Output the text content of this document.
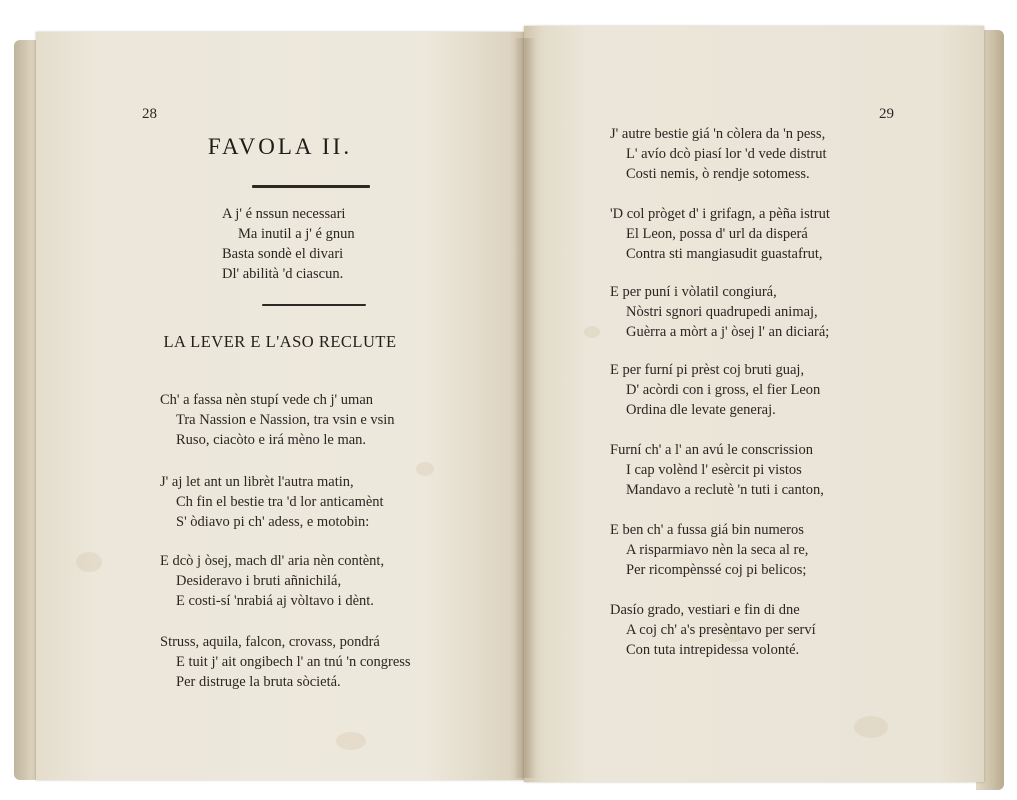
28
FAVOLA II.

A j' é nssun necessari
Ma inutil a j' é gnun
Basta sondè el divari
Dl' abilità 'd ciascun.

LA LEVER E L'ASO RECLUTE

Ch' a fassa nèn stupí vede ch j' uman
Tra Nassion e Nassion, tra vsin e vsin
Ruso, ciacòto e irá mèno le man.

J' aj let ant un librèt l'autra matin,
Ch fin el bestie tra 'd lor anticamènt
S' òdiavo pi ch' adess, e motobin:

E dcò j òsej, mach dl' aria nèn contènt,
Desideravo i bruti añnichilá,
E costi-sí 'nrabiá aj vòltavo i dènt.

Struss, aquila, falcon, crovass, pondrá
E tuit j' ait ongibech l' an tnú 'n congress
Per distruge la bruta sòcietá.

29

J' autre bestie giá 'n còlera da 'n pess,
L' avío dcò piasí lor 'd vede distrut
Costi nemis, ò rendje sotomess.

'D col pròget d' i grifagn, a pèña istrut
El Leon, possa d' url da disperá
Contra sti mangiasudit guastafrut,

E per puní i vòlatil congiurá,
Nòstri sgnori quadrupedi animaj,
Guèrra a mòrt a j' òsej l' an diciará;

E per furní pi prèst coj bruti guaj,
D' acòrdi con i gross, el fier Leon
Ordina dle levate generaj.

Furní ch' a l' an avú le conscrission
I cap volènd l' esèrcit pi vistos
Mandavo a reclutè 'n tuti i canton,

E ben ch' a fussa giá bin numeros
A risparmiavo nèn la seca al re,
Per ricompènssé coj pi belicos;

Dasío grado, vestiari e fin di dne
A coj ch' a's presèntavo per serví
Con tuta intrepidessa volonté.
